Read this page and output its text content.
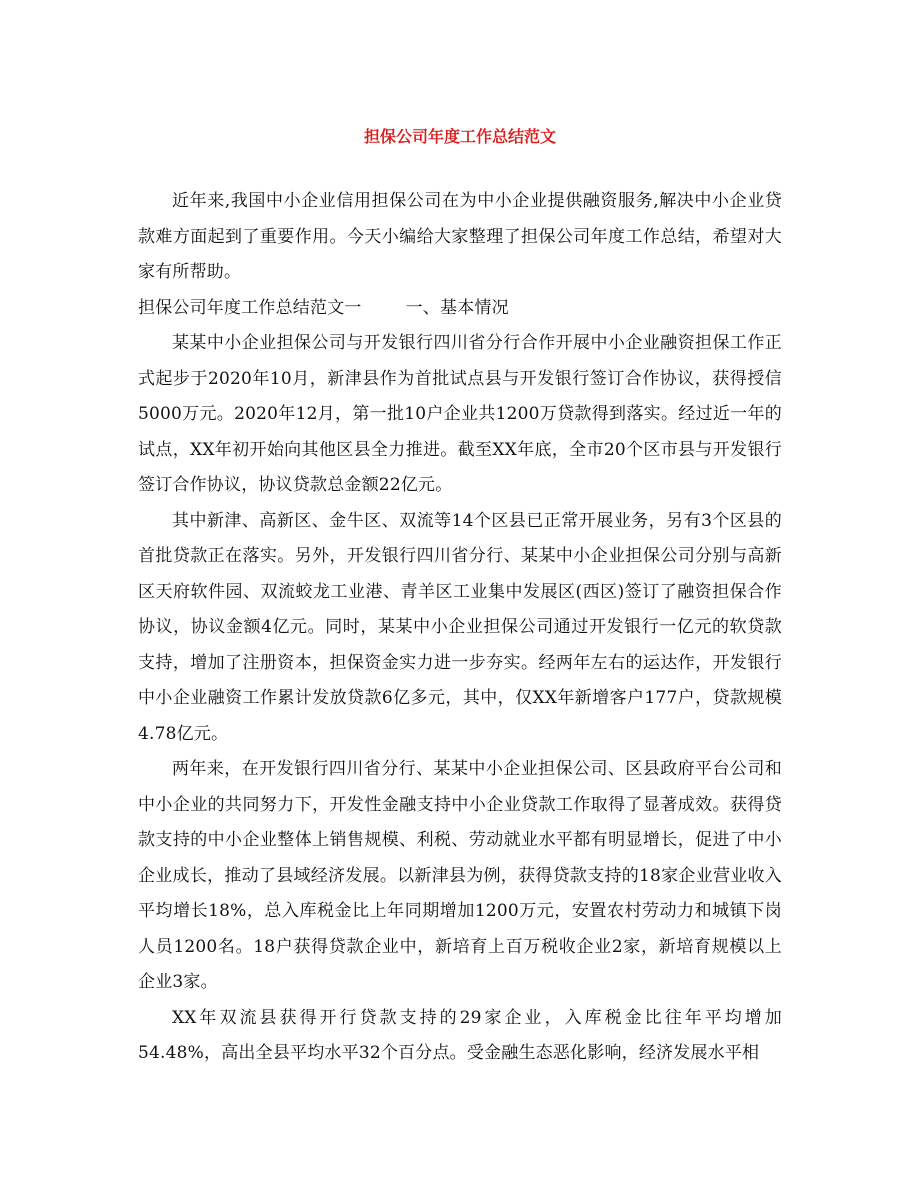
担保公司年度工作总结范文

近年来,我国中小企业信用担保公司在为中小企业提供融资服务,解决中小企业贷款难方面起到了重要作用。今天小编给大家整理了担保公司年度工作总结，希望对大家有所帮助。

担保公司年度工作总结范文一	一、基本情况

某某中小企业担保公司与开发银行四川省分行合作开展中小企业融资担保工作正式起步于2020年10月，新津县作为首批试点县与开发银行签订合作协议，获得授信5000万元。2020年12月，第一批10户企业共1200万贷款得到落实。经过近一年的试点，XX年初开始向其他区县全力推进。截至XX年底，全市20个区市县与开发银行签订合作协议，协议贷款总金额22亿元。

其中新津、高新区、金牛区、双流等14个区县已正常开展业务，另有3个区县的首批贷款正在落实。另外，开发银行四川省分行、某某中小企业担保公司分别与高新区天府软件园、双流蛟龙工业港、青羊区工业集中发展区(西区)签订了融资担保合作协议，协议金额4亿元。同时，某某中小企业担保公司通过开发银行一亿元的软贷款支持，增加了注册资本，担保资金实力进一步夯实。经两年左右的运达作，开发银行中小企业融资工作累计发放贷款6亿多元，其中，仅XX年新增客户177户，贷款规模4.78亿元。

两年来，在开发银行四川省分行、某某中小企业担保公司、区县政府平台公司和中小企业的共同努力下，开发性金融支持中小企业贷款工作取得了显著成效。获得贷款支持的中小企业整体上销售规模、利税、劳动就业水平都有明显增长，促进了中小企业成长，推动了县域经济发展。以新津县为例，获得贷款支持的18家企业营业收入平均增长18%，总入库税金比上年同期增加1200万元，安置农村劳动力和城镇下岗人员1200名。18户获得贷款企业中，新培育上百万税收企业2家，新培育规模以上企业3家。

XX年双流县获得开行贷款支持的29家企业，入库税金比往年平均增加54.48%，高出全县平均水平32个百分点。受金融生态恶化影响，经济发展水平相
